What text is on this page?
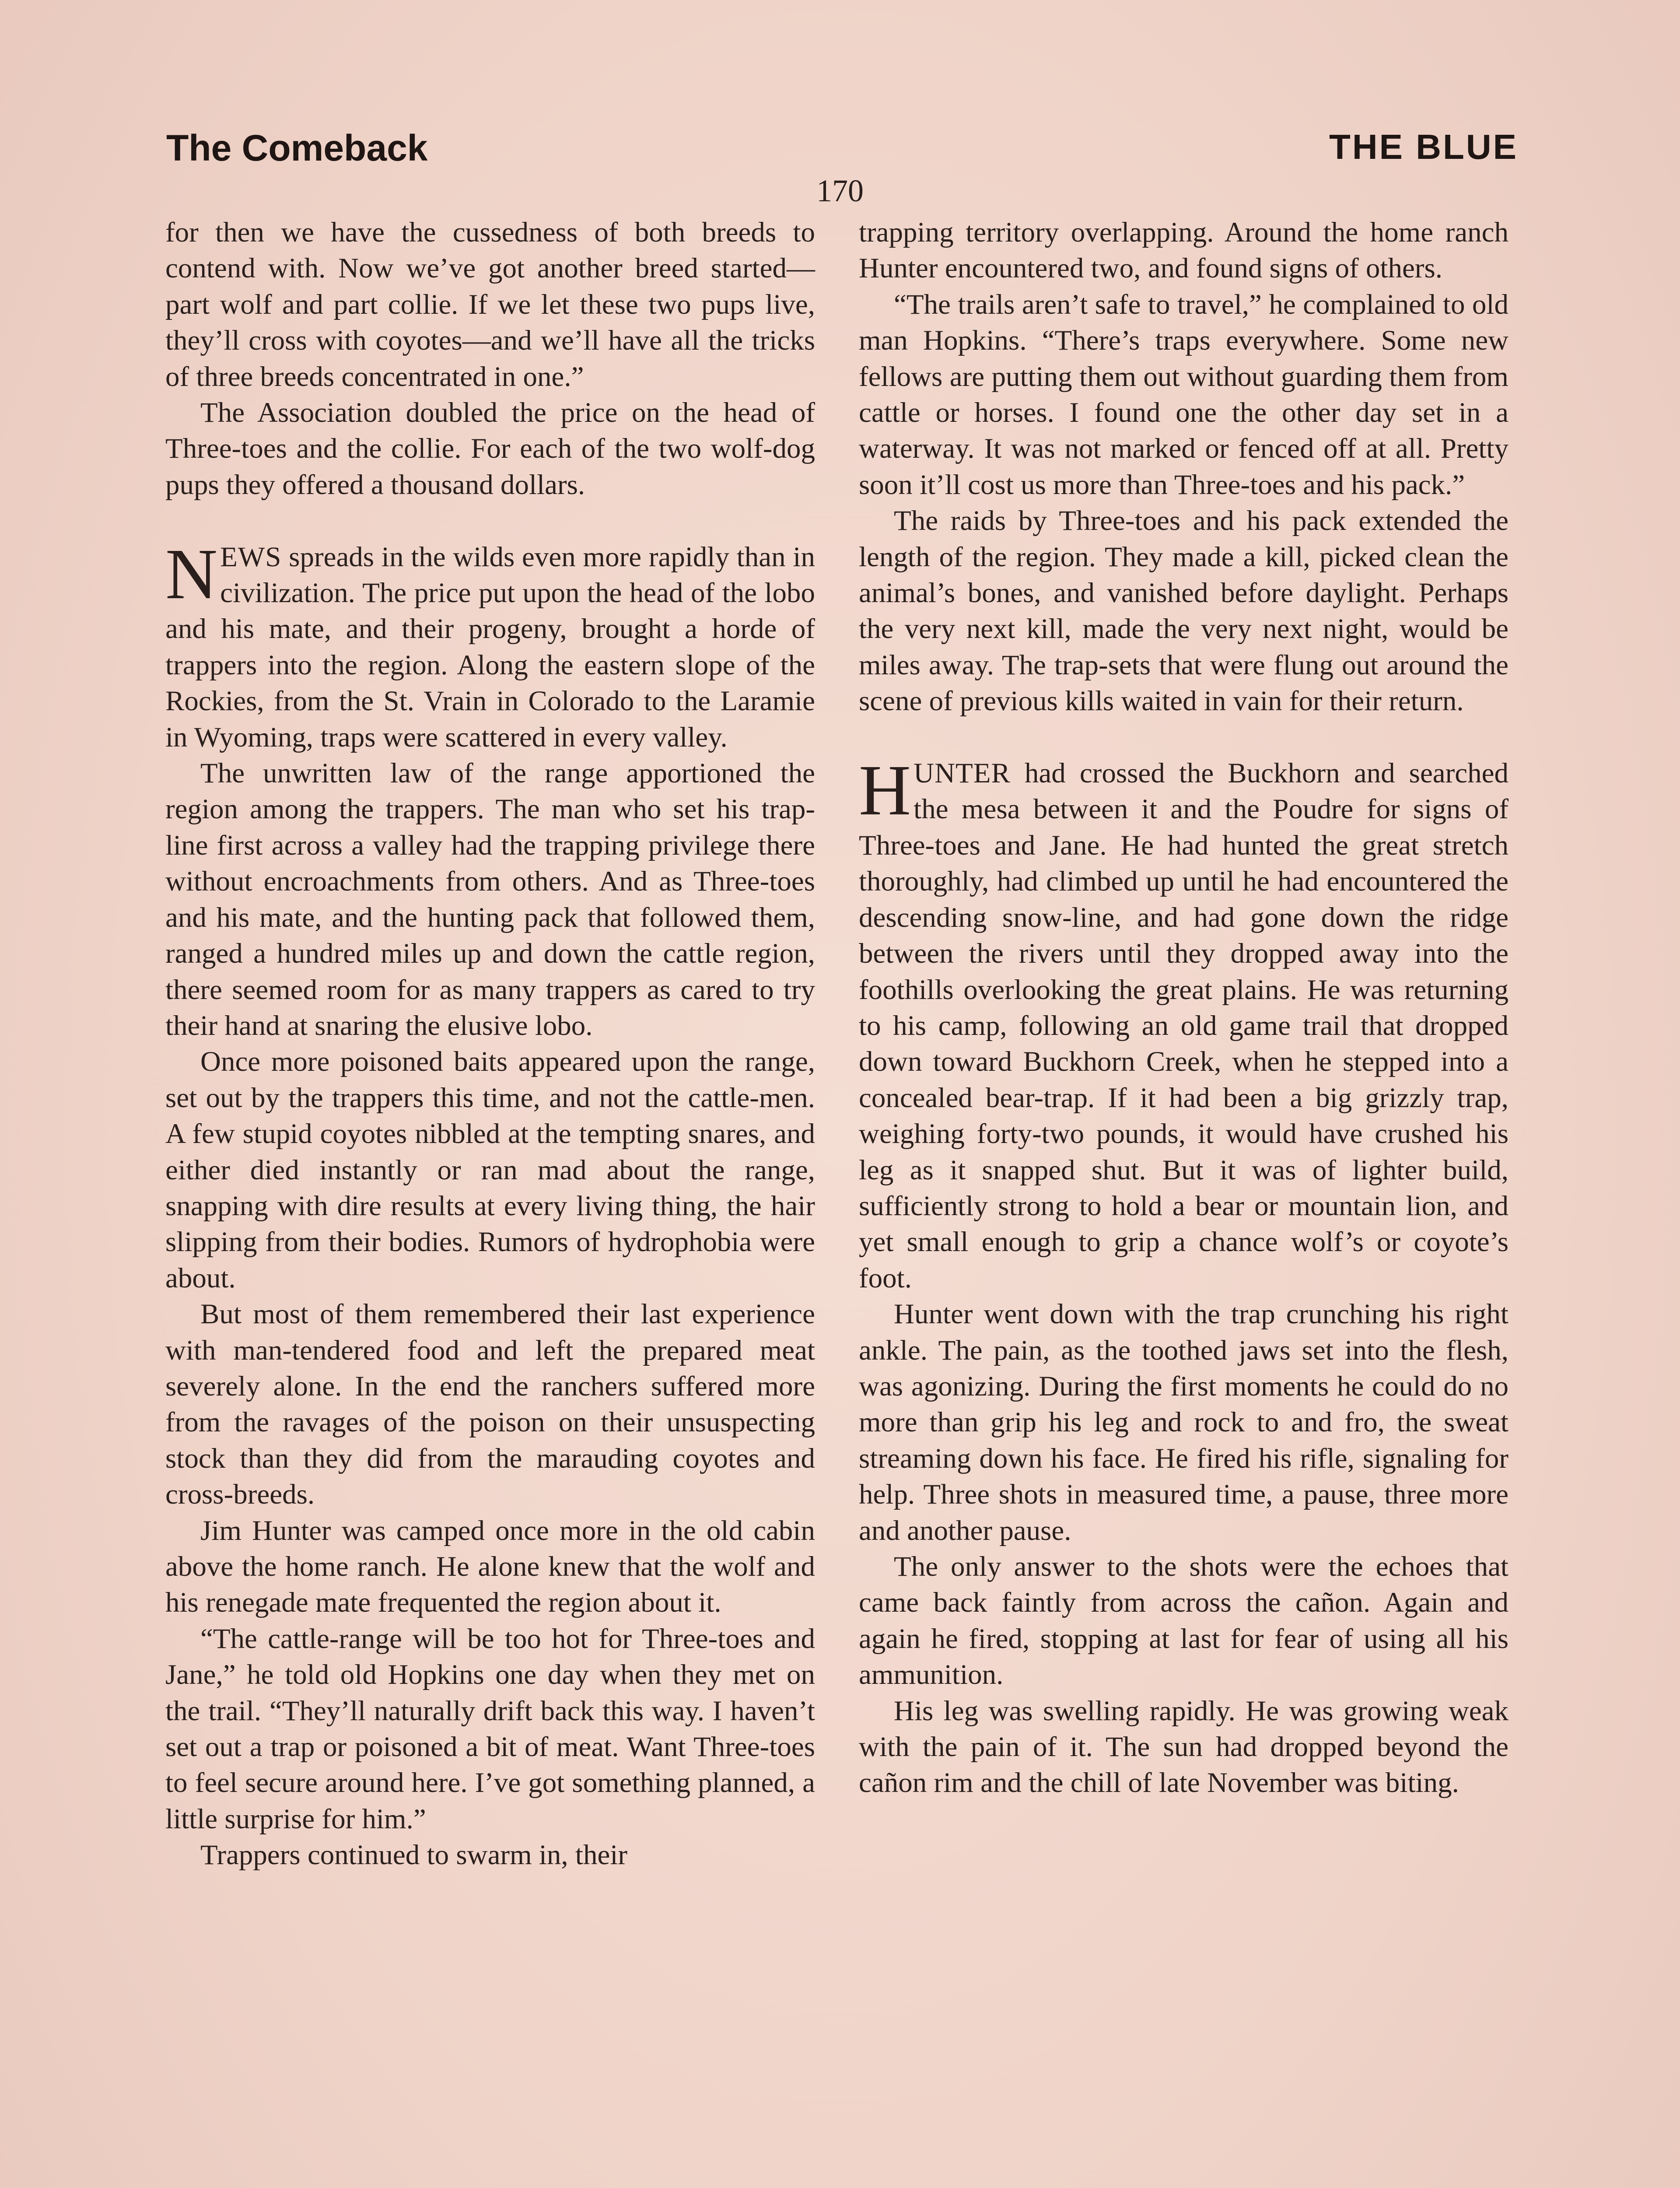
The Comeback	THE BLUE
170

for then we have the cussedness of both breeds to contend with. Now we’ve got another breed started—part wolf and part collie. If we let these two pups live, they’ll cross with coyotes—and we’ll have all the tricks of three breeds concentrated in one.”

The Association doubled the price on the head of Three-toes and the collie. For each of the two wolf-dog pups they offered a thousand dollars.

NEWS spreads in the wilds even more rapidly than in civilization. The price put upon the head of the lobo and his mate, and their progeny, brought a horde of trappers into the region. Along the eastern slope of the Rockies, from the St. Vrain in Colorado to the Laramie in Wyoming, traps were scattered in every valley.

The unwritten law of the range apportioned the region among the trappers. The man who set his trap-line first across a valley had the trapping privilege there without encroachments from others. And as Three-toes and his mate, and the hunting pack that followed them, ranged a hundred miles up and down the cattle region, there seemed room for as many trappers as cared to try their hand at snaring the elusive lobo.

Once more poisoned baits appeared upon the range, set out by the trappers this time, and not the cattle-men. A few stupid coyotes nibbled at the tempting snares, and either died instantly or ran mad about the range, snapping with dire results at every living thing, the hair slipping from their bodies. Rumors of hydrophobia were about.

But most of them remembered their last experience with man-tendered food and left the prepared meat severely alone. In the end the ranchers suffered more from the ravages of the poison on their unsuspecting stock than they did from the marauding coyotes and cross-breeds.

Jim Hunter was camped once more in the old cabin above the home ranch. He alone knew that the wolf and his renegade mate frequented the region about it.

“The cattle-range will be too hot for Three-toes and Jane,” he told old Hopkins one day when they met on the trail. “They’ll naturally drift back this way. I haven’t set out a trap or poisoned a bit of meat. Want Three-toes to feel secure around here. I’ve got something planned, a little surprise for him.”

Trappers continued to swarm in, their

trapping territory overlapping. Around the home ranch Hunter encountered two, and found signs of others.

“The trails aren’t safe to travel,” he complained to old man Hopkins. “There’s traps everywhere. Some new fellows are putting them out without guarding them from cattle or horses. I found one the other day set in a waterway. It was not marked or fenced off at all. Pretty soon it’ll cost us more than Three-toes and his pack.”

The raids by Three-toes and his pack extended the length of the region. They made a kill, picked clean the animal’s bones, and vanished before daylight. Perhaps the very next kill, made the very next night, would be miles away. The trap-sets that were flung out around the scene of previous kills waited in vain for their return.

HUNTER had crossed the Buckhorn and searched the mesa between it and the Poudre for signs of Three-toes and Jane. He had hunted the great stretch thoroughly, had climbed up until he had encountered the descending snow-line, and had gone down the ridge between the rivers until they dropped away into the foothills overlooking the great plains. He was returning to his camp, following an old game trail that dropped down toward Buckhorn Creek, when he stepped into a concealed bear-trap. If it had been a big grizzly trap, weighing forty-two pounds, it would have crushed his leg as it snapped shut. But it was of lighter build, sufficiently strong to hold a bear or mountain lion, and yet small enough to grip a chance wolf’s or coyote’s foot.

Hunter went down with the trap crunching his right ankle. The pain, as the toothed jaws set into the flesh, was agonizing. During the first moments he could do no more than grip his leg and rock to and fro, the sweat streaming down his face. He fired his rifle, signaling for help. Three shots in measured time, a pause, three more and another pause.

The only answer to the shots were the echoes that came back faintly from across the cañon. Again and again he fired, stopping at last for fear of using all his ammunition.

His leg was swelling rapidly. He was growing weak with the pain of it. The sun had dropped beyond the cañon rim and the chill of late November was biting.
